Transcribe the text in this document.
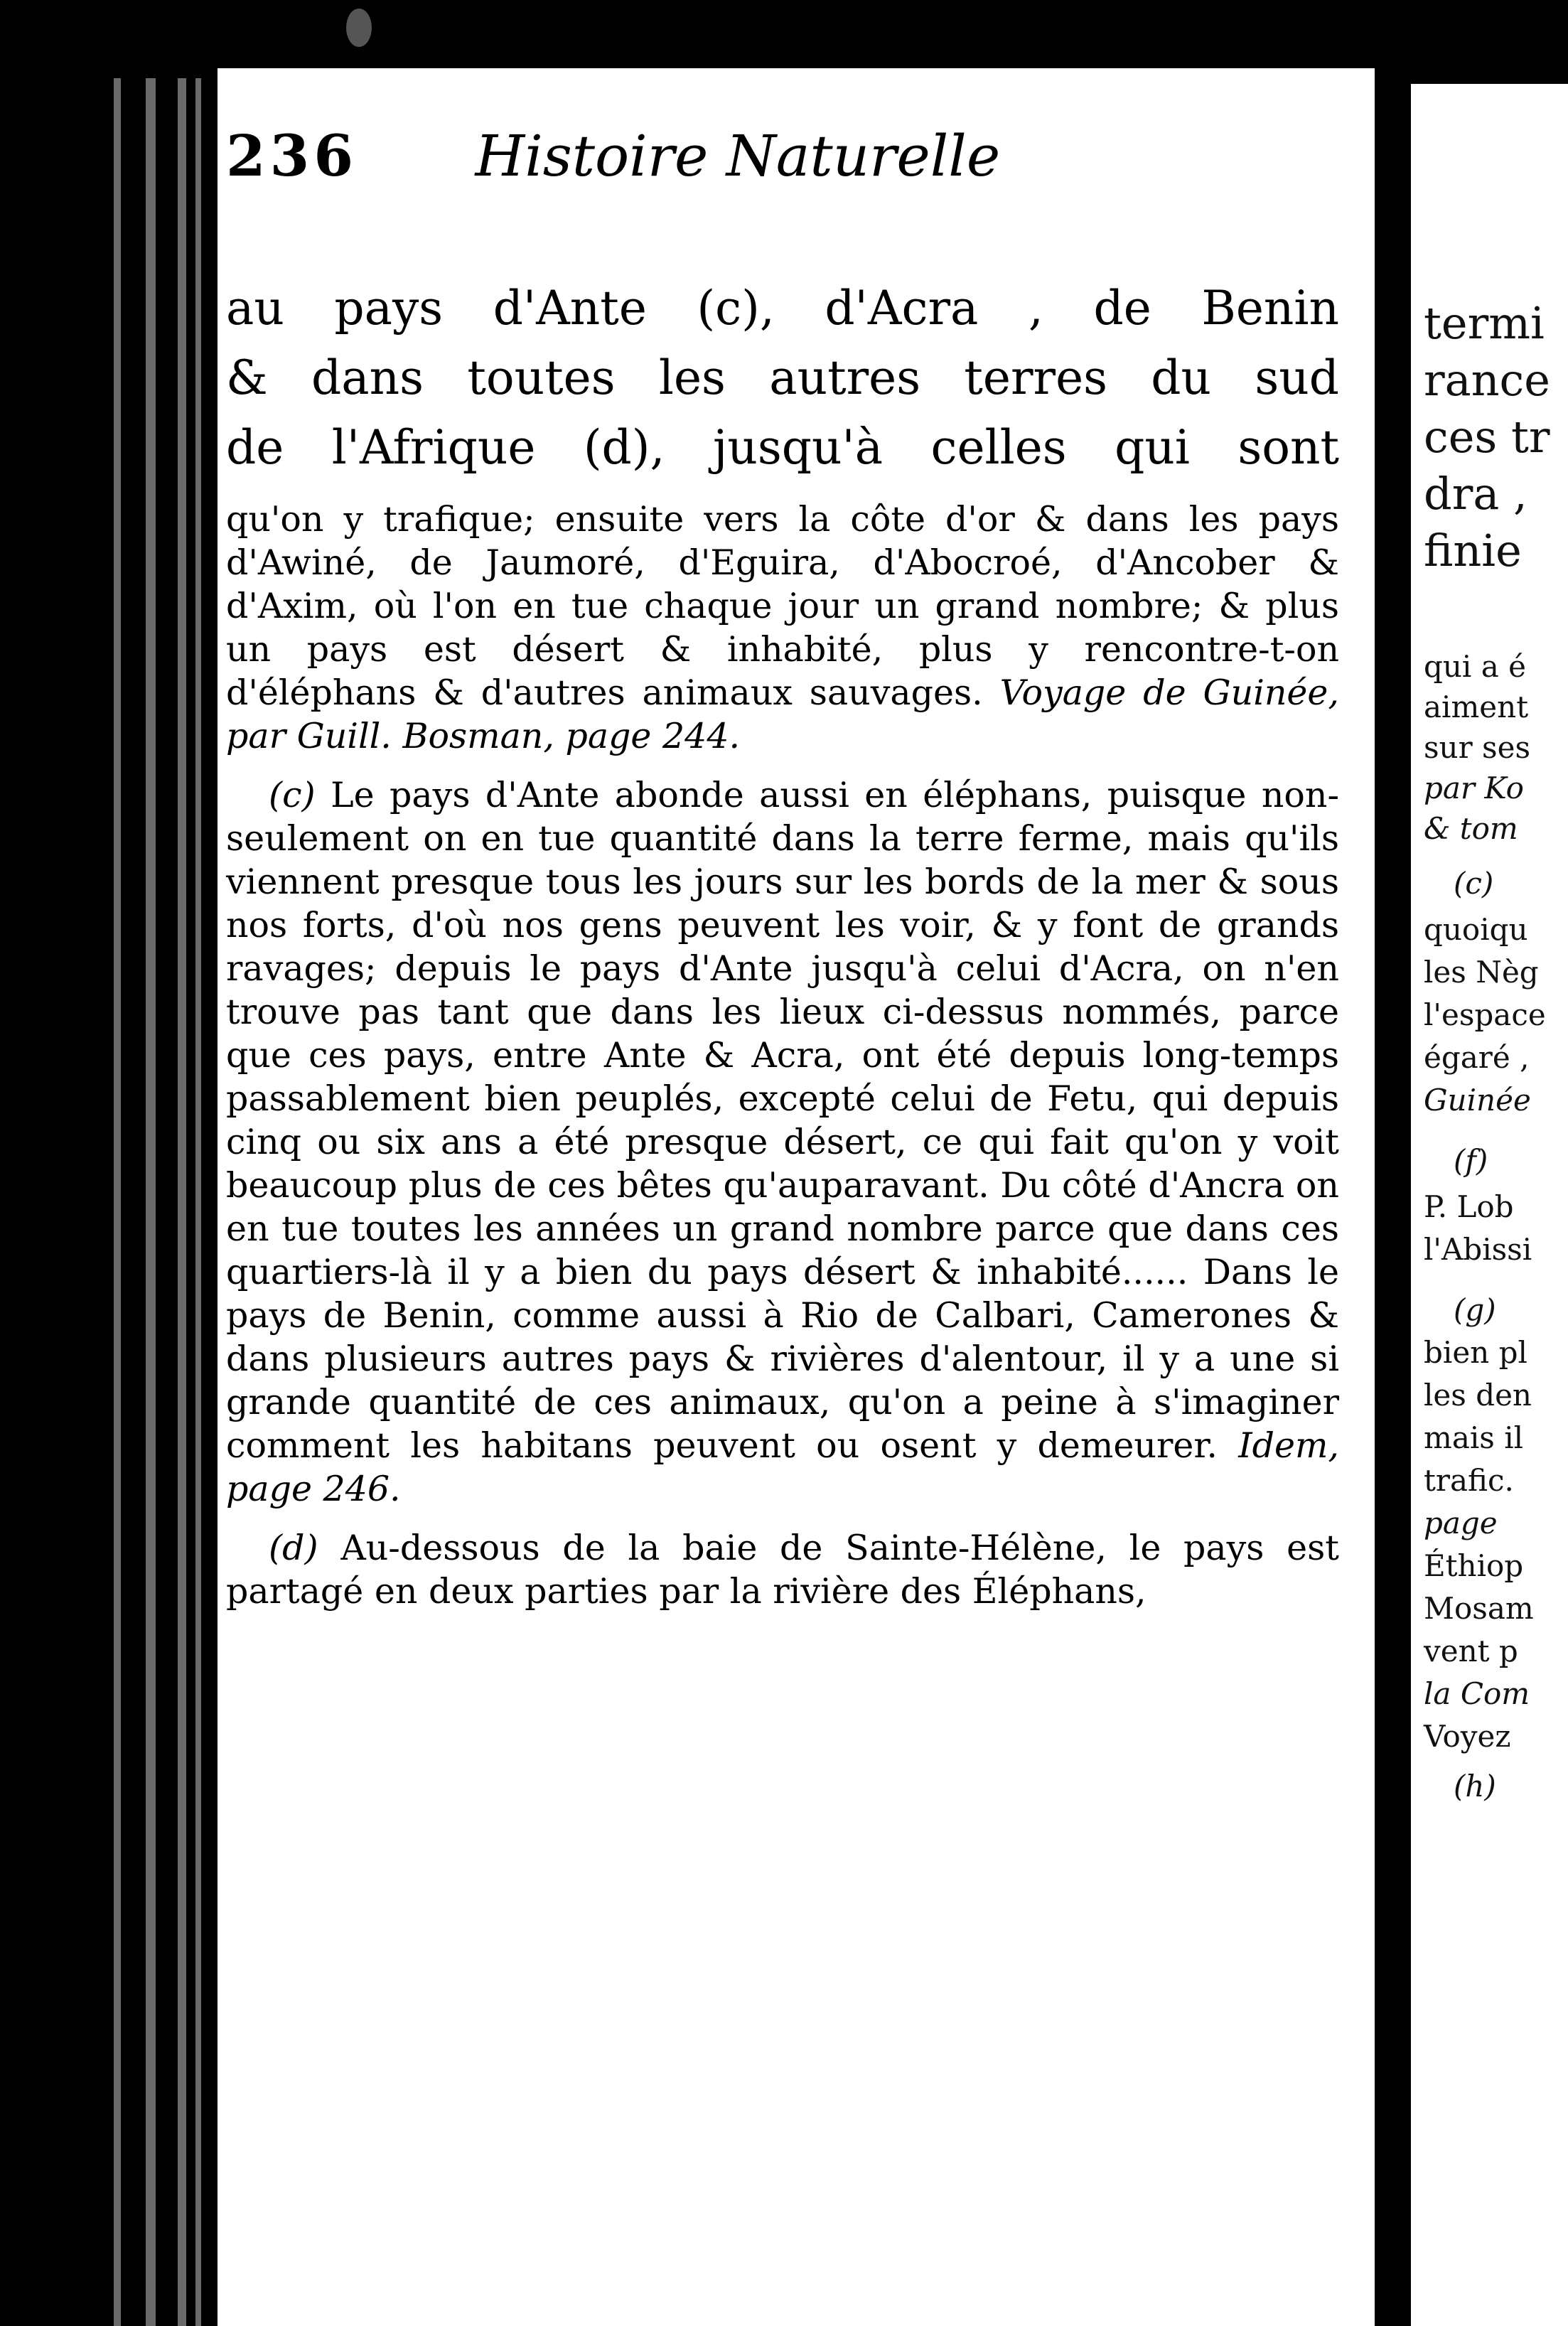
236 Histoire Naturelle
au pays d'Ante (c), d'Acra , de Benin
& dans toutes les autres terres du sud
de l'Afrique (d), jusqu'à celles qui sont

qu'on y trafique; ensuite vers la côte d'or & dans les pays d'Awiné, de Jaumoré, d'Eguira, d'Abocroé, d'Ancober & d'Axim, où l'on en tue chaque jour un grand nombre; & plus un pays est désert & inhabité, plus y rencontre-t-on d'éléphans & d'autres animaux sauvages. Voyage de Guinée, par Guill. Bosman, page 244.

(c) Le pays d'Ante abonde aussi en éléphans, puisque non-seulement on en tue quantité dans la terre ferme, mais qu'ils viennent presque tous les jours sur les bords de la mer & sous nos forts, d'où nos gens peuvent les voir, & y font de grands ravages; depuis le pays d'Ante jusqu'à celui d'Acra, on n'en trouve pas tant que dans les lieux ci-dessus nommés, parce que ces pays, entre Ante & Acra, ont été depuis long-temps passablement bien peuplés, excepté celui de Fetu, qui depuis cinq ou six ans a été presque désert, ce qui fait qu'on y voit beaucoup plus de ces bêtes qu'auparavant. Du côté d'Ancra on en tue toutes les années un grand nombre parce que dans ces quartiers-là il y a bien du pays désert & inhabité...... Dans le pays de Benin, comme aussi à Rio de Calbari, Camerones & dans plusieurs autres pays & rivières d'alentour, il y a une si grande quantité de ces animaux, qu'on a peine à s'imaginer comment les habitans peuvent ou osent y demeurer. Idem, page 246.

(d) Au-dessous de la baie de Sainte-Hélène, le pays est partagé en deux parties par la rivière des Éléphans,

termi
rance
ces tr
dra ,
finie
qui a é
aiment
sur ses
par Ko
& tom
(c)
quoiqu
les Nèg
l'espace
égaré ,
Guinée
(f)
P. Lob
l'Abissi
(g)
bien pl
les den
mais il
trafic.
page
Éthiop
Mosam
vent p
la Com
Voyez
(h)
